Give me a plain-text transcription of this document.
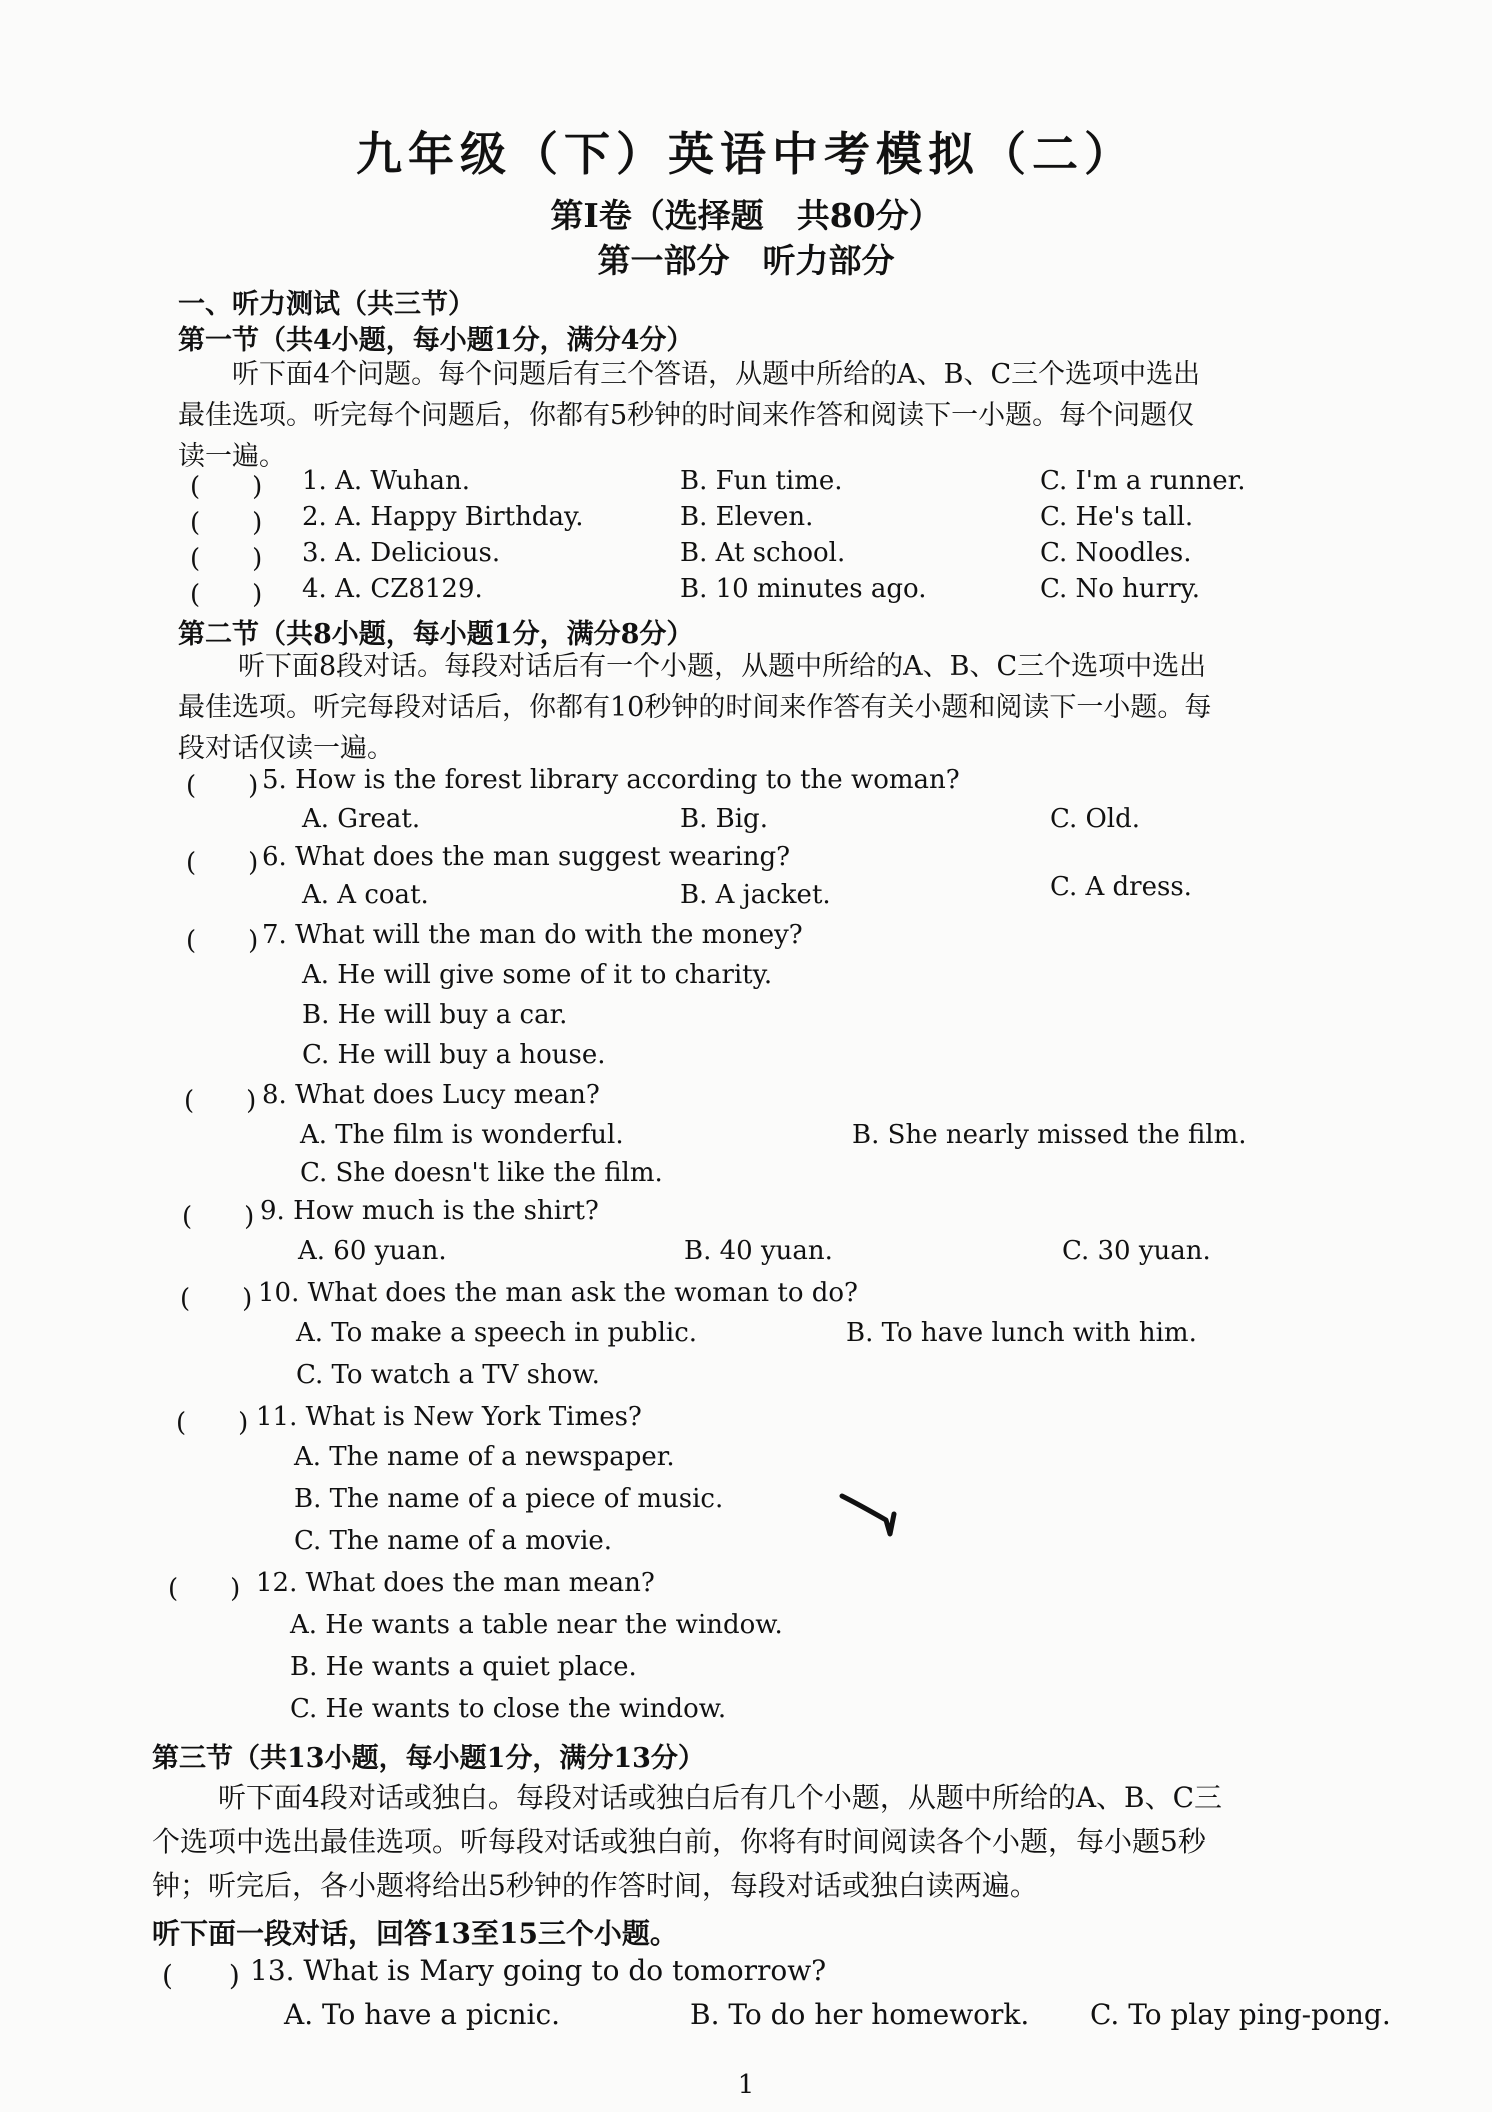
九年级（下）英语中考模拟（二）
第Ⅰ卷（选择题　共80分）
第一部分　听力部分
一、听力测试（共三节）
第一节（共4小题，每小题1分，满分4分）
听下面4个问题。每个问题后有三个答语，从题中所给的A、B、C三个选项中选出
最佳选项。听完每个问题后，你都有5秒钟的时间来作答和阅读下一小题。每个问题仅
读一遍。
(　　) 1. A. Wuhan.	B. Fun time.	C. I'm a runner.
(　　) 2. A. Happy Birthday.	B. Eleven.	C. He's tall.
(　　) 3. A. Delicious.	B. At school.	C. Noodles.
(　　) 4. A. CZ8129.	B. 10 minutes ago.	C. No hurry.
第二节（共8小题，每小题1分，满分8分）
听下面8段对话。每段对话后有一个小题，从题中所给的A、B、C三个选项中选出
最佳选项。听完每段对话后，你都有10秒钟的时间来作答有关小题和阅读下一小题。每
段对话仅读一遍。
(　　) 5. How is the forest library according to the woman?
A. Great.	B. Big.	C. Old.
(　　) 6. What does the man suggest wearing?
A. A coat.	B. A jacket.	C. A dress.
(　　) 7. What will the man do with the money?
A. He will give some of it to charity.
B. He will buy a car.
C. He will buy a house.
(　　) 8. What does Lucy mean?
A. The film is wonderful.	B. She nearly missed the film.
C. She doesn't like the film.
(　　) 9. How much is the shirt?
A. 60 yuan.	B. 40 yuan.	C. 30 yuan.
(　　) 10. What does the man ask the woman to do?
A. To make a speech in public.	B. To have lunch with him.
C. To watch a TV show.
(　　) 11. What is New York Times?
A. The name of a newspaper.
B. The name of a piece of music.
C. The name of a movie.
(　　) 12. What does the man mean?
A. He wants a table near the window.
B. He wants a quiet place.
C. He wants to close the window.
第三节（共13小题，每小题1分，满分13分）
听下面4段对话或独白。每段对话或独白后有几个小题，从题中所给的A、B、C三
个选项中选出最佳选项。听每段对话或独白前，你将有时间阅读各个小题，每小题5秒
钟；听完后，各小题将给出5秒钟的作答时间，每段对话或独白读两遍。
听下面一段对话，回答13至15三个小题。
(　　) 13. What is Mary going to do tomorrow?
A. To have a picnic.	B. To do her homework. C. To play ping-pong.
1
